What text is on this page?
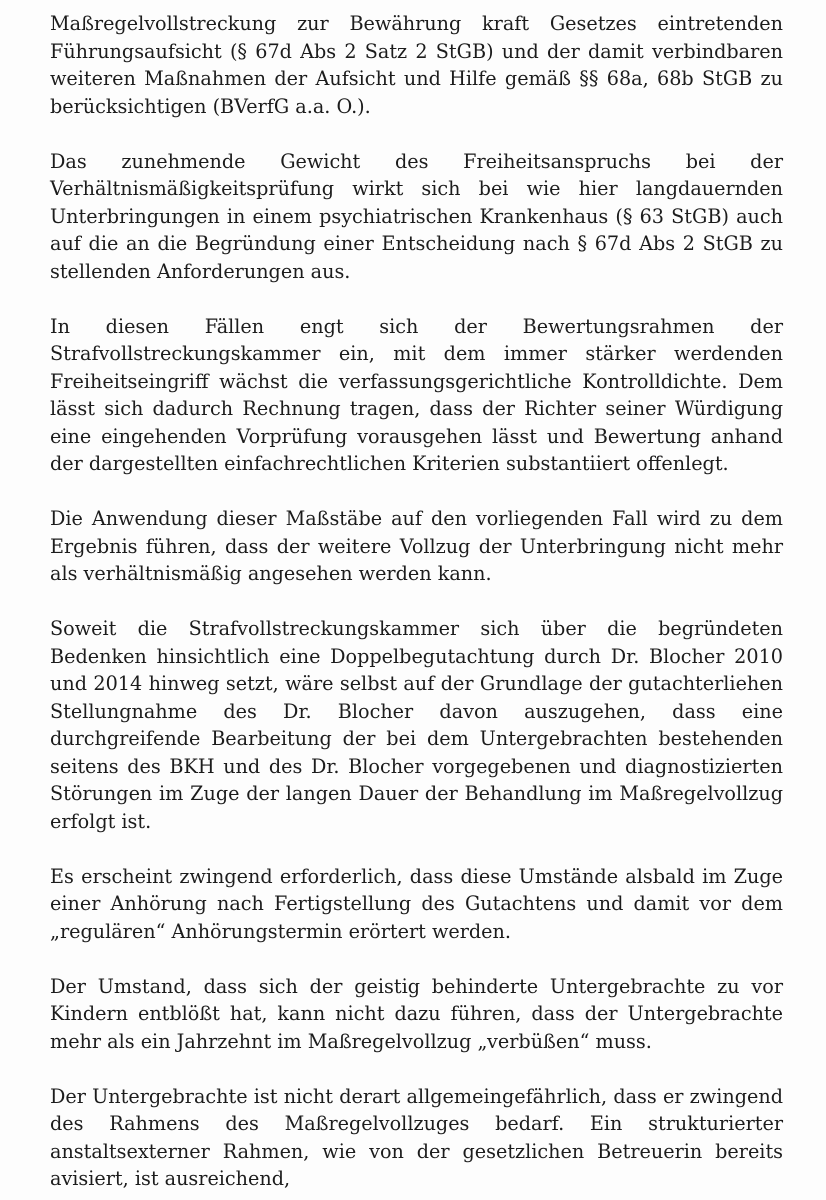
Maßregelvollstreckung zur Bewährung kraft Gesetzes eintretenden Führungsaufsicht (§ 67d Abs 2 Satz 2 StGB) und der damit verbindbaren weiteren Maßnahmen der Aufsicht und Hilfe gemäß §§ 68a, 68b StGB zu berücksichtigen (BVerfG a.a. O.).

Das zunehmende Gewicht des Freiheitsanspruchs bei der Verhältnismäßigkeitsprüfung wirkt sich bei wie hier langdauernden Unterbringungen in einem psychiatrischen Krankenhaus (§ 63 StGB) auch auf die an die Begründung einer Entscheidung nach § 67d Abs 2 StGB zu stellenden Anforderungen aus.

In diesen Fällen engt sich der Bewertungsrahmen der Strafvollstreckungskammer ein, mit dem immer stärker werdenden Freiheitseingriff wächst die verfassungsgerichtliche Kontrolldichte. Dem lässt sich dadurch Rechnung tragen, dass der Richter seiner Würdigung eine eingehenden Vorprüfung vorausgehen lässt und Bewertung anhand der dargestellten einfachrechtlichen Kriterien substantiiert offenlegt.

Die Anwendung dieser Maßstäbe auf den vorliegenden Fall wird zu dem Ergebnis führen, dass der weitere Vollzug der Unterbringung nicht mehr als verhältnismäßig angesehen werden kann.

Soweit die Strafvollstreckungskammer sich über die begründeten Bedenken hinsichtlich eine Doppelbegutachtung durch Dr. Blocher 2010 und 2014 hinweg setzt, wäre selbst auf der Grundlage der gutachterliehen Stellungnahme des Dr. Blocher davon auszugehen, dass eine durchgreifende Bearbeitung der bei dem Untergebrachten bestehenden seitens des BKH und des Dr. Blocher vorgegebenen und diagnostizierten Störungen im Zuge der langen Dauer der Behandlung im Maßregelvollzug erfolgt ist.

Es erscheint zwingend erforderlich, dass diese Umstände alsbald im Zuge einer Anhörung nach Fertigstellung des Gutachtens und damit vor dem „regulären“ Anhörungstermin erörtert werden.

Der Umstand, dass sich der geistig behinderte Untergebrachte zu vor Kindern entblößt hat, kann nicht dazu führen, dass der Untergebrachte mehr als ein Jahrzehnt im Maßregelvollzug „verbüßen“ muss.

Der Untergebrachte ist nicht derart allgemeingefährlich, dass er zwingend des Rahmens des Maßregelvollzuges bedarf. Ein strukturierter anstaltsexterner Rahmen, wie von der gesetzlichen Betreuerin bereits avisiert, ist ausreichend,
